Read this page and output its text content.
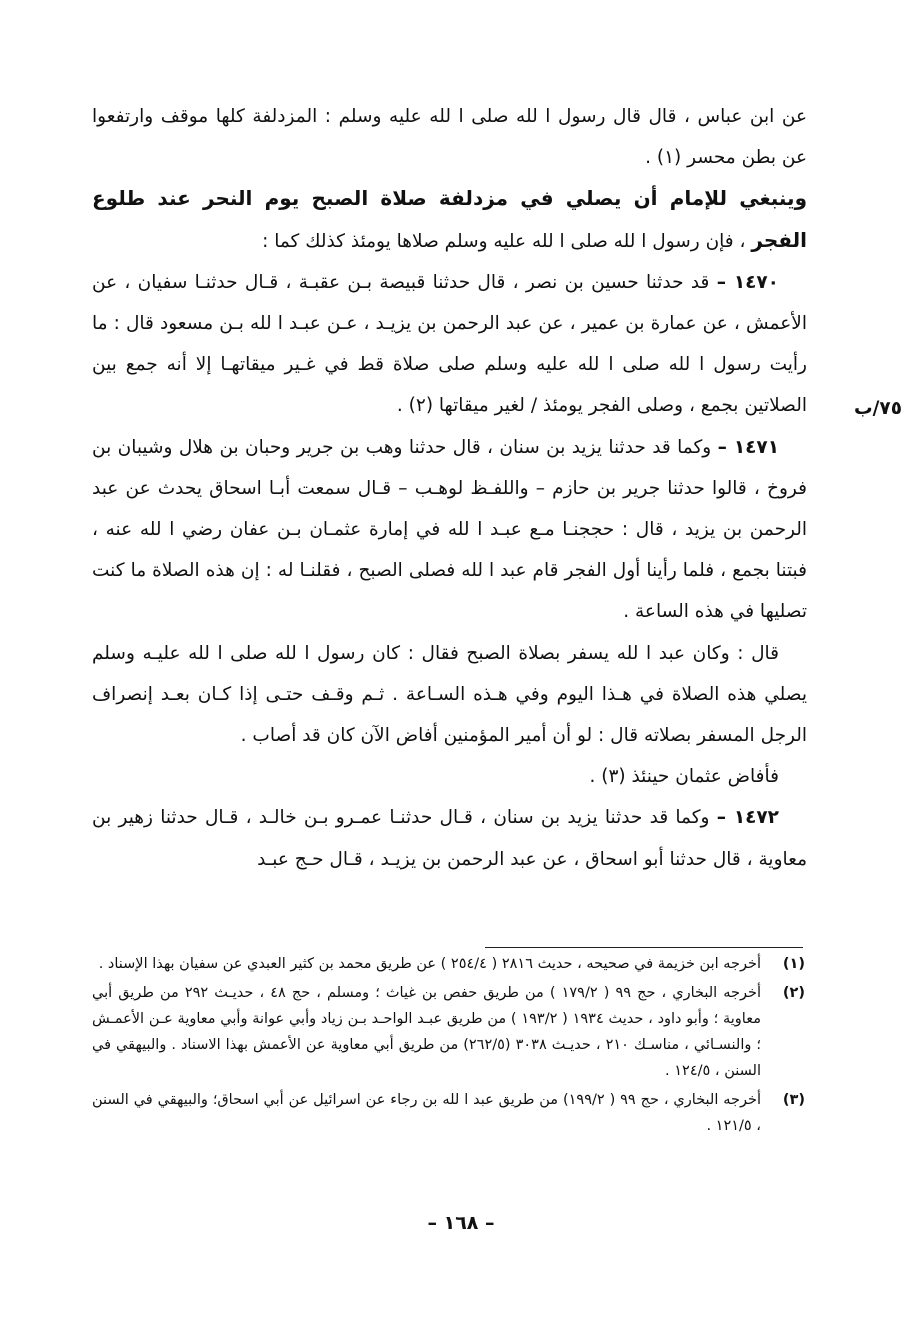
عن ابن عباس ، قال قال رسول ا لله صلى ا لله عليه وسلم : المزدلفة كلها موقف وارتفعوا عن بطن محسر (١) .

وينبغي للإمام أن يصلي في مزدلفة صلاة الصبح يوم النحر عند طلوع الفجر ، فإن رسول ا لله صلى ا لله عليه وسلم صلاها يومئذ كذلك كما :

١٤٧٠ – قد حدثنا حسين بن نصر ، قال حدثنا قبيصة بـن عقبـة ، قـال حدثنـا سفيان ، عن الأعمش ، عن عمارة بن عمير ، عن عبد الرحمن بن يزيـد ، عـن عبـد ا لله بـن مسعود قال : ما رأيت رسول ا لله صلى ا لله عليه وسلم صلى صلاة قط في غـير ميقاتهـا إلا أنه جمع بين الصلاتين بجمع ، وصلى الفجر يومئذ / لغير ميقاتها (٢) .

١٤٧١ – وكما قد حدثنا يزيد بن سنان ، قال حدثنا وهب بن جرير وحبان بن هلال وشيبان بن فروخ ، قالوا حدثنا جرير بن حازم – واللفـظ لوهـب – قـال سمعت أبـا اسحاق يحدث عن عبد الرحمن بن يزيد ، قال : حججنـا مـع عبـد ا لله في إمارة عثمـان بـن عفان رضي ا لله عنه ، فبتنا بجمع ، فلما رأينا أول الفجر قام عبد ا لله فصلى الصبح ، فقلنـا له : إن هذه الصلاة ما كنت تصليها في هذه الساعة .

قال : وكان عبد ا لله يسفر بصلاة الصبح فقال : كان رسول ا لله صلى ا لله عليـه وسلم يصلي هذه الصلاة في هـذا اليوم وفي هـذه السـاعة . ثـم وقـف حتـى إذا كـان بعـد إنصراف الرجل المسفر بصلاته قال : لو أن أمير المؤمنين أفاض الآن كان قد أصاب .

فأفاض عثمان حينئذ (٣) .

١٤٧٢ – وكما قد حدثنا يزيد بن سنان ، قـال حدثنـا عمـرو بـن خالـد ، قـال حدثنا زهير بن معاوية ، قال حدثنا أبو اسحاق ، عن عبد الرحمن بن يزيـد ، قـال حـج عبـد

٧٥/ب
(١)
أخرجه ابن خزيمة في صحيحه ، حديث ٢٨١٦ ( ٢٥٤/٤ ) عن طريق محمد بن كثير العبدي عن سفيان بهذا الإسناد .
(٢)
أخرجه البخاري ، حج ٩٩ ( ١٧٩/٢ ) من طريق حفص بن غياث ؛ ومسلم ، حج ٤٨ ، حديـث ٢٩٢ من طريق أبي معاوية ؛ وأبو داود ، حديث ١٩٣٤ ( ١٩٣/٢ ) من طريق عبـد الواحـد بـن زياد وأبي عوانة وأبي معاوية عـن الأعمـش ؛ والنسـائي ، مناسـك ٢١٠ ، حديـث ٣٠٣٨ (٢٦٢/٥) من طريق أبي معاوية عن الأعمش بهذا الاسناد . والبيهقي في السنن ، ١٢٤/٥ .
(٣)
أخرجه البخاري ، حج ٩٩ ( ١٩٩/٢) من طريق عبد ا لله بن رجاء عن اسرائيل عن أبي اسحاق؛ والبيهقي في السنن ، ١٢١/٥ .
– ١٦٨ –
